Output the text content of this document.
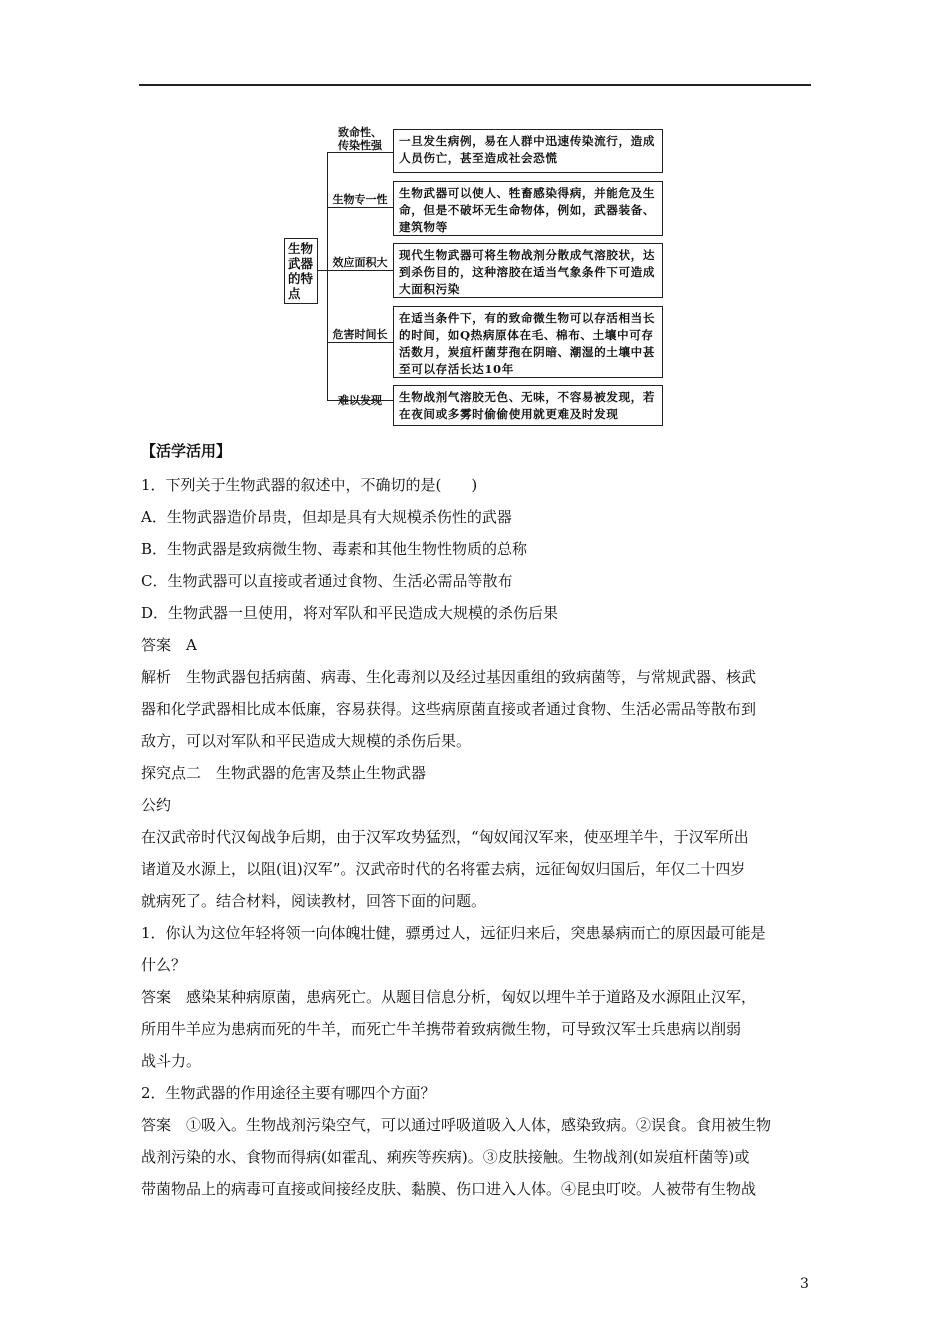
生物武器的特点
致命性、
传染性强	一旦发生病例，易在人群中迅速传染流行，造成人员伤亡，甚至造成社会恐慌
生物专一性 生物武器可以使人、牲畜感染得病，并能危及生命，但是不破坏无生命物体，例如，武器装备、建筑物等
效应面积大
现代生物武器可将生物战剂分散成气溶胶状，达到杀伤目的，这种溶胶在适当气象条件下可造成大面积污染
危害时间长
在适当条件下，有的致命微生物可以存活相当长的时间，如Q热病原体在毛、棉布、土壤中可存活数月，炭疽杆菌芽孢在阴暗、潮湿的土壤中甚至可以存活长达10年
难以发现	生物战剂气溶胶无色、无味，不容易被发现，若在夜间或多雾时偷偷使用就更难及时发现
【活学活用】
1．下列关于生物武器的叙述中，不确切的是(　　)
A．生物武器造价昂贵，但却是具有大规模杀伤性的武器
B．生物武器是致病微生物、毒素和其他生物性物质的总称
C．生物武器可以直接或者通过食物、生活必需品等散布
D．生物武器一旦使用，将对军队和平民造成大规模的杀伤后果
答案　A
解析　生物武器包括病菌、病毒、生化毒剂以及经过基因重组的致病菌等，与常规武器、核武
器和化学武器相比成本低廉，容易获得。这些病原菌直接或者通过食物、生活必需品等散布到
敌方，可以对军队和平民造成大规模的杀伤后果。
探究点二　生物武器的危害及禁止生物武器
公约
在汉武帝时代汉匈战争后期，由于汉军攻势猛烈，“匈奴闻汉军来，使巫埋羊牛，于汉军所出
诸道及水源上，以阻(诅)汉军”。汉武帝时代的名将霍去病，远征匈奴归国后，年仅二十四岁
就病死了。结合材料，阅读教材，回答下面的问题。
1．你认为这位年轻将领一向体魄壮健，骠勇过人，远征归来后，突患暴病而亡的原因最可能是
什么？
答案　感染某种病原菌，患病死亡。从题目信息分析，匈奴以埋牛羊于道路及水源阻止汉军，
所用牛羊应为患病而死的牛羊，而死亡牛羊携带着致病微生物，可导致汉军士兵患病以削弱
战斗力。
2．生物武器的作用途径主要有哪四个方面？
答案　①吸入。生物战剂污染空气，可以通过呼吸道吸入人体，感染致病。②误食。食用被生物
战剂污染的水、食物而得病(如霍乱、痢疾等疾病)。③皮肤接触。生物战剂(如炭疽杆菌等)或
带菌物品上的病毒可直接或间接经皮肤、黏膜、伤口进入人体。④昆虫叮咬。人被带有生物战
3
